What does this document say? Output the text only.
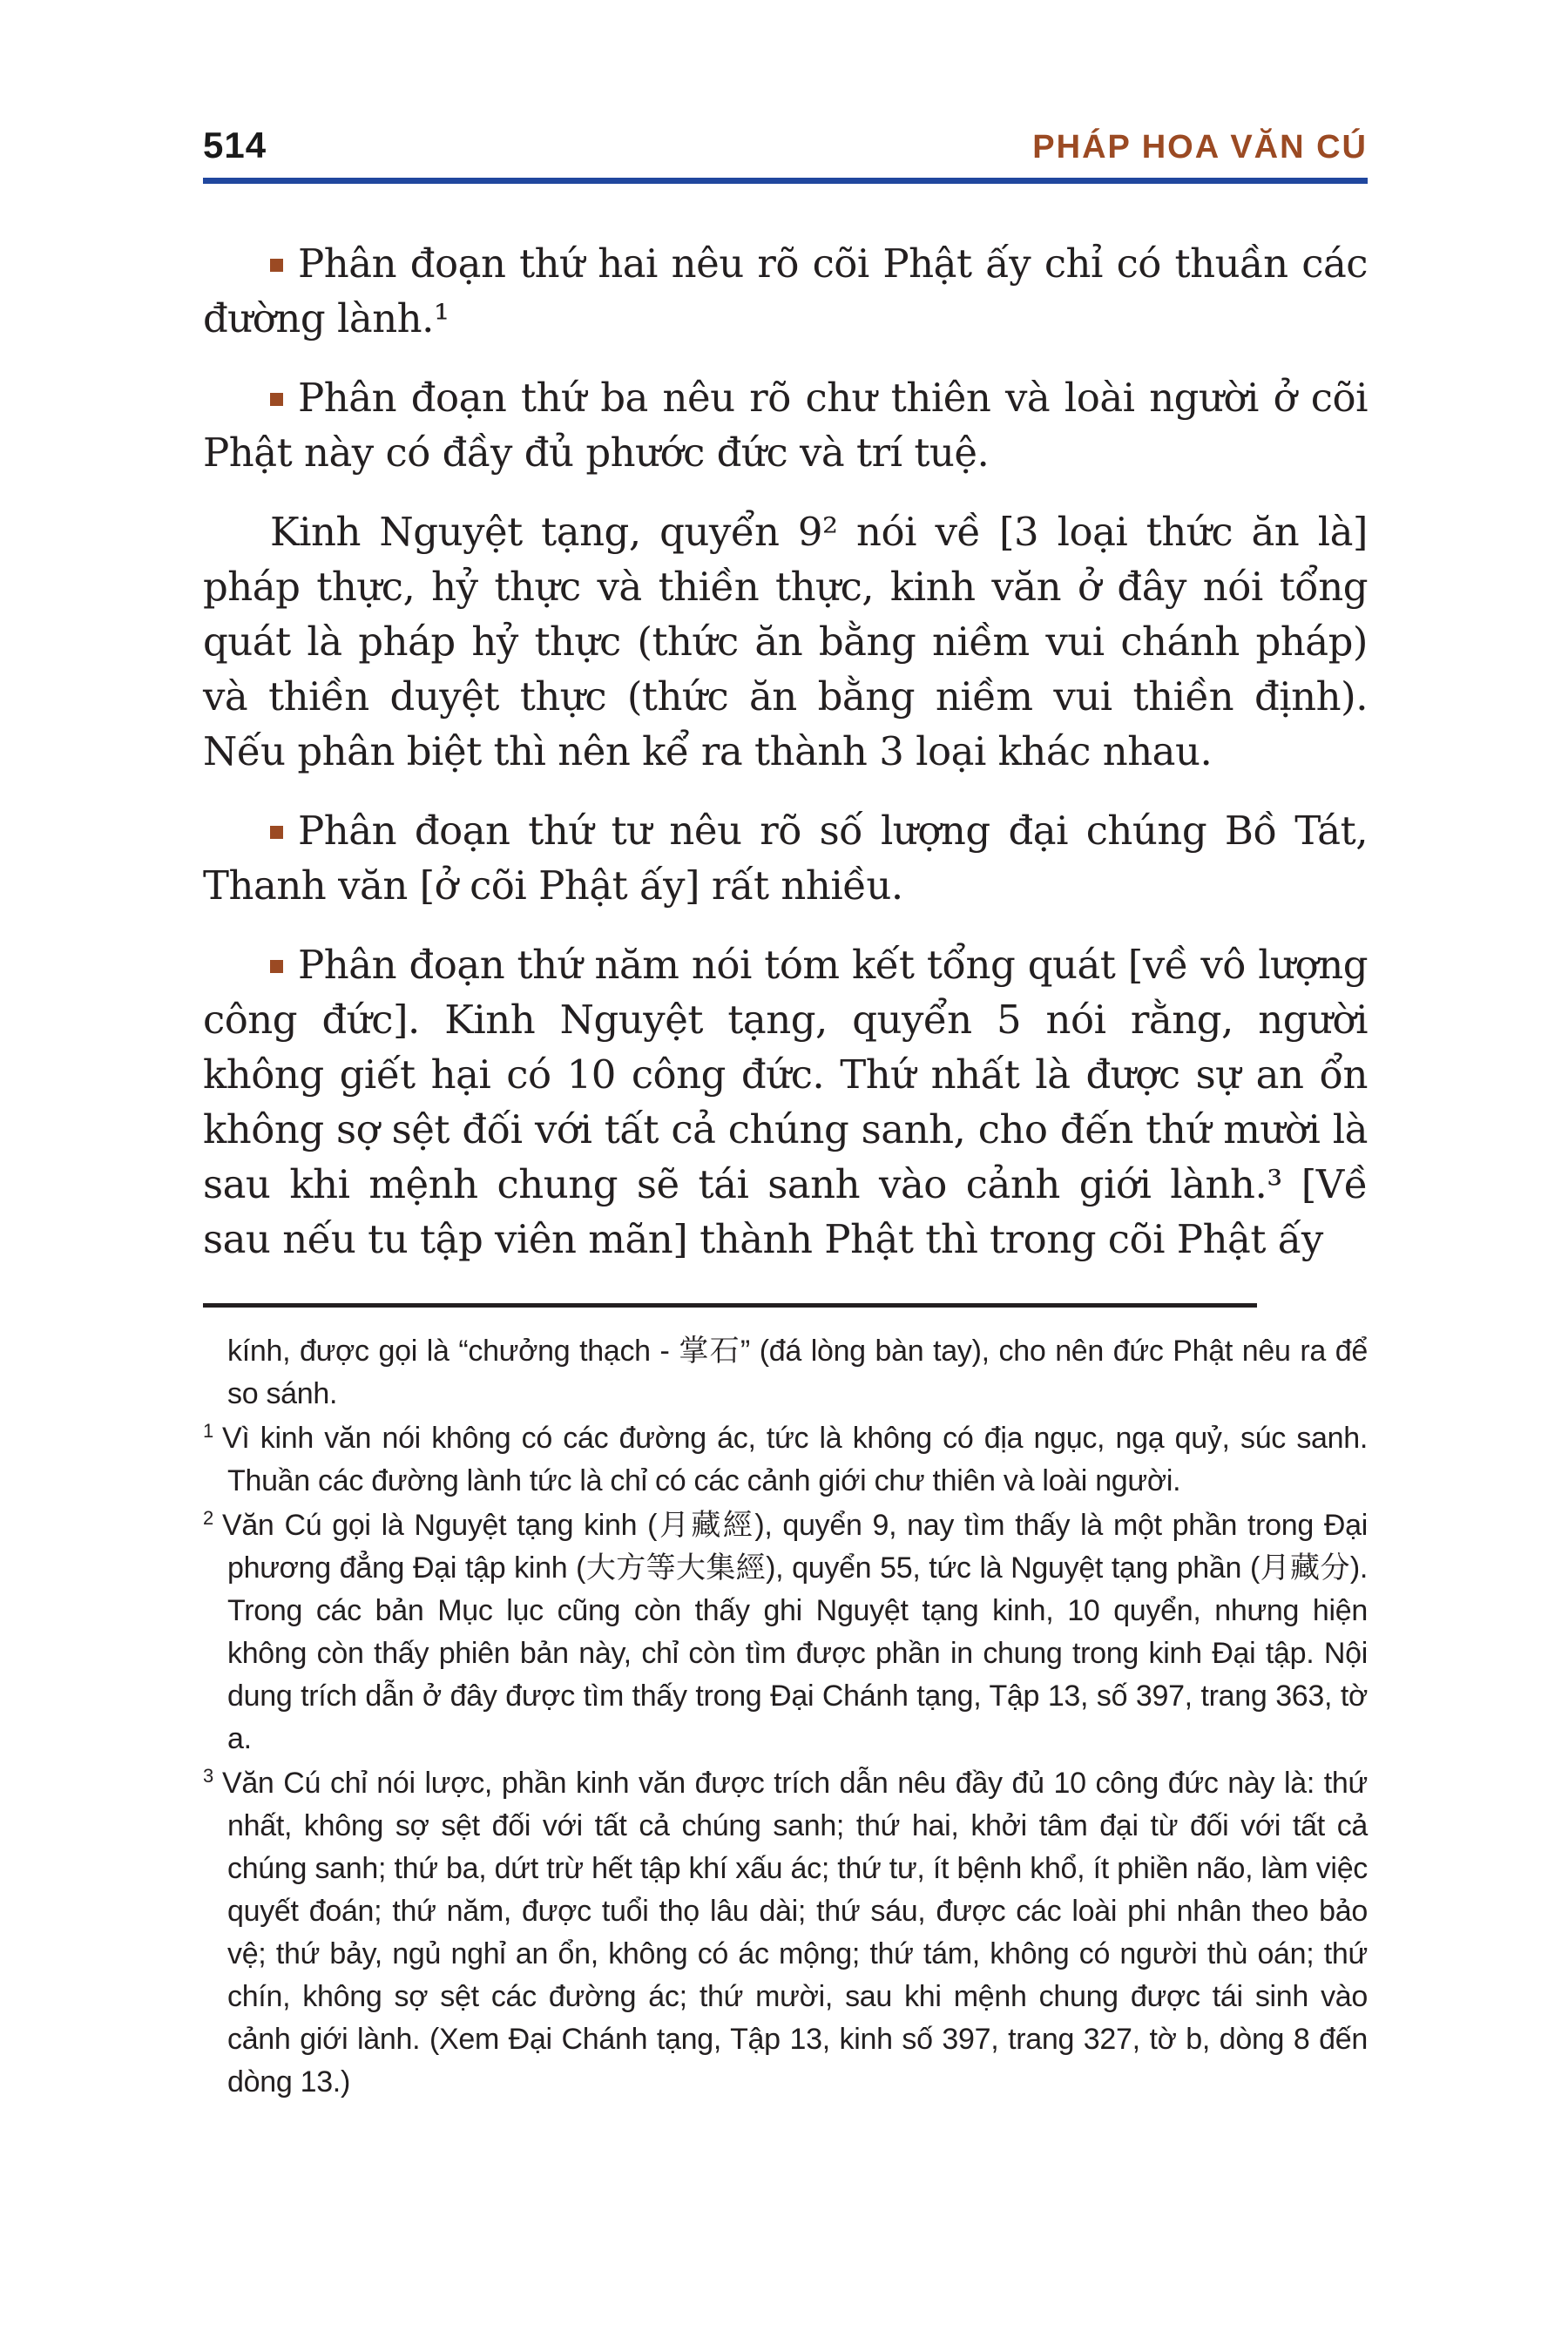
514	PHÁP HOA VĂN CÚ

Phân đoạn thứ hai nêu rõ cõi Phật ấy chỉ có thuần các đường lành.¹

Phân đoạn thứ ba nêu rõ chư thiên và loài người ở cõi Phật này có đầy đủ phước đức và trí tuệ.

Kinh Nguyệt tạng, quyển 9² nói về [3 loại thức ăn là] pháp thực, hỷ thực và thiền thực, kinh văn ở đây nói tổng quát là pháp hỷ thực (thức ăn bằng niềm vui chánh pháp) và thiền duyệt thực (thức ăn bằng niềm vui thiền định). Nếu phân biệt thì nên kể ra thành 3 loại khác nhau.

Phân đoạn thứ tư nêu rõ số lượng đại chúng Bồ Tát, Thanh văn [ở cõi Phật ấy] rất nhiều.

Phân đoạn thứ năm nói tóm kết tổng quát [về vô lượng công đức]. Kinh Nguyệt tạng, quyển 5 nói rằng, người không giết hại có 10 công đức. Thứ nhất là được sự an ổn không sợ sệt đối với tất cả chúng sanh, cho đến thứ mười là sau khi mệnh chung sẽ tái sanh vào cảnh giới lành.³ [Về sau nếu tu tập viên mãn] thành Phật thì trong cõi Phật ấy

kính, được gọi là “chưởng thạch - 掌石” (đá lòng bàn tay), cho nên đức Phật nêu ra để so sánh.

$^1$ Vì kinh văn nói không có các đường ác, tức là không có địa ngục, ngạ quỷ, súc sanh. Thuần các đường lành tức là chỉ có các cảnh giới chư thiên và loài người.

$^2$ Văn Cú gọi là Nguyệt tạng kinh (月藏經), quyển 9, nay tìm thấy là một phần trong Đại phương đẳng Đại tập kinh (大方等大集經), quyển 55, tức là Nguyệt tạng phần (月藏分). Trong các bản Mục lục cũng còn thấy ghi Nguyệt tạng kinh, 10 quyển, nhưng hiện không còn thấy phiên bản này, chỉ còn tìm được phần in chung trong kinh Đại tập. Nội dung trích dẫn ở đây được tìm thấy trong Đại Chánh tạng, Tập 13, số 397, trang 363, tờ a.

$^3$ Văn Cú chỉ nói lược, phần kinh văn được trích dẫn nêu đầy đủ 10 công đức này là: thứ nhất, không sợ sệt đối với tất cả chúng sanh; thứ hai, khởi tâm đại từ đối với tất cả chúng sanh; thứ ba, dứt trừ hết tập khí xấu ác; thứ tư, ít bệnh khổ, ít phiền não, làm việc quyết đoán; thứ năm, được tuổi thọ lâu dài; thứ sáu, được các loài phi nhân theo bảo vệ; thứ bảy, ngủ nghỉ an ổn, không có ác mộng; thứ tám, không có người thù oán; thứ chín, không sợ sệt các đường ác; thứ mười, sau khi mệnh chung được tái sinh vào cảnh giới lành. (Xem Đại Chánh tạng, Tập 13, kinh số 397, trang 327, tờ b, dòng 8 đến dòng 13.)
